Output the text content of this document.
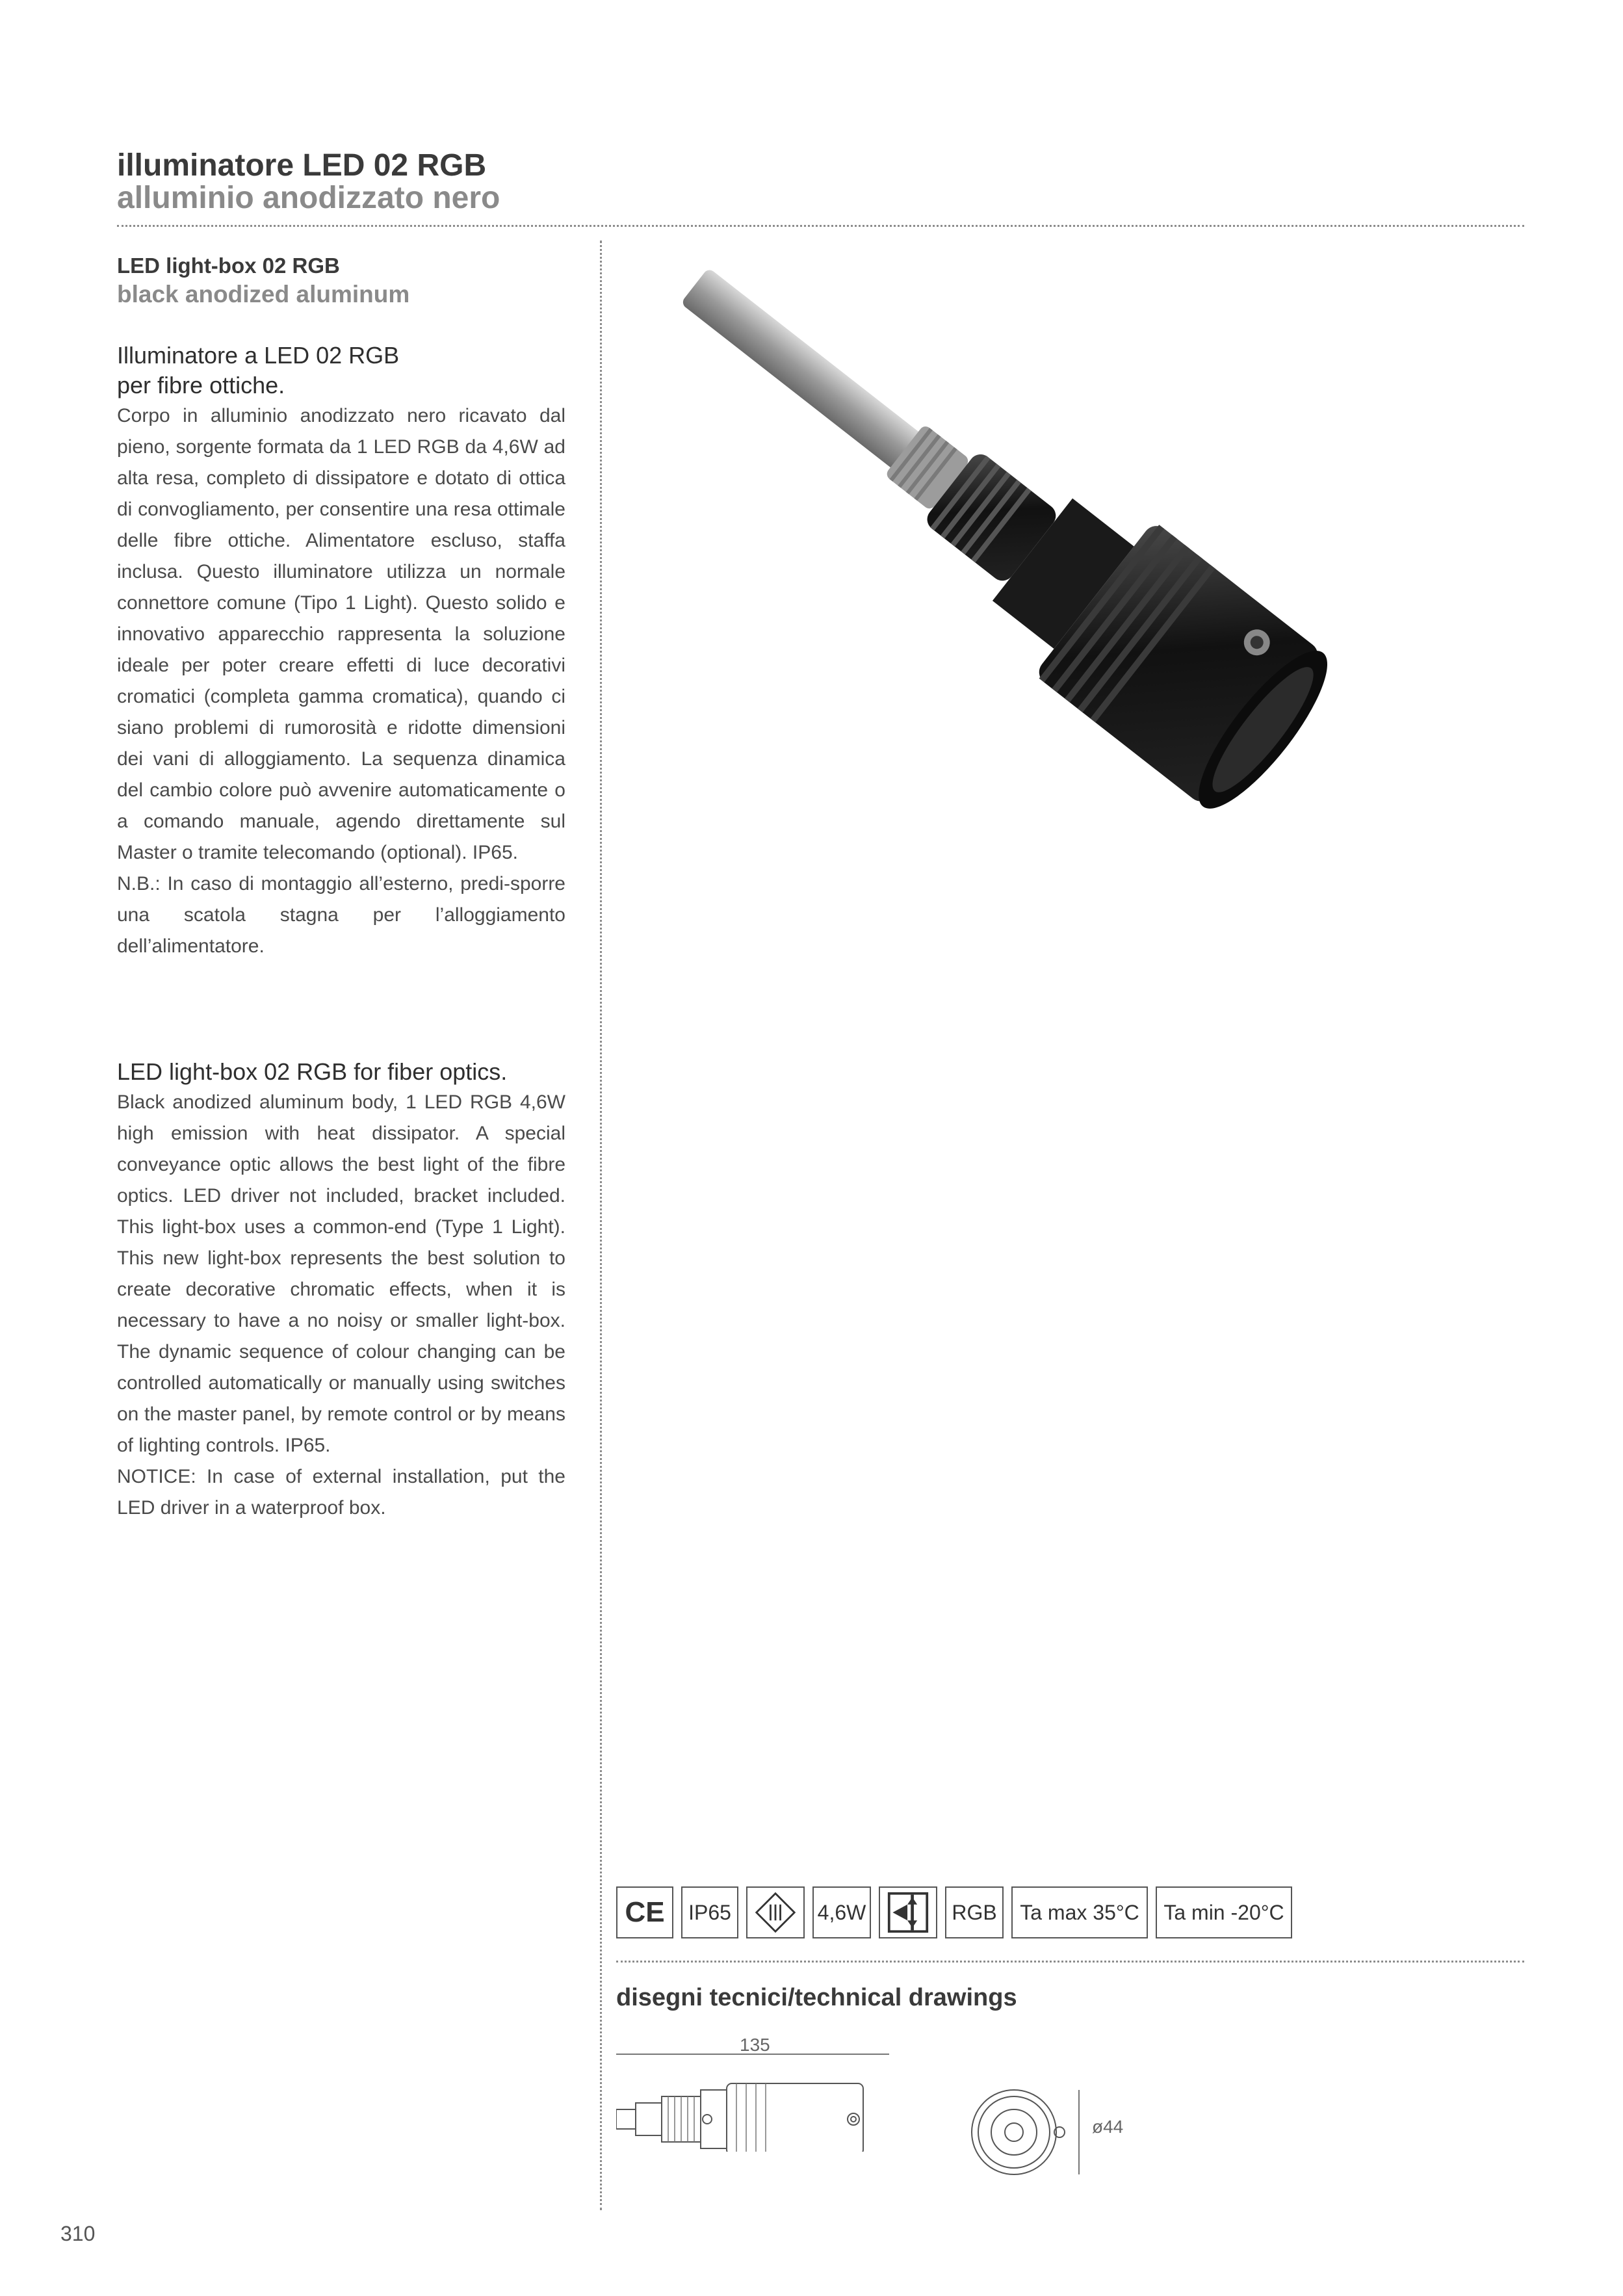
illuminatore LED 02 RGB
alluminio anodizzato nero
LED light-box 02 RGB
black anodized aluminum
Illuminatore a LED 02 RGB
per fibre ottiche.

Corpo in alluminio anodizzato nero ricavato dal pieno, sorgente formata da 1 LED RGB da 4,6W ad alta resa, completo di dissipatore e dotato di ottica di convogliamento, per consentire una resa ottimale delle fibre ottiche. Alimentatore escluso, staffa inclusa. Questo illuminatore utilizza un normale connettore comune (Tipo 1 Light). Questo solido e innovativo apparecchio rappresenta la soluzione ideale per poter creare effetti di luce decorativi cromatici (completa gamma cromatica), quando ci siano problemi di rumorosità e ridotte dimensioni dei vani di alloggiamento. La sequenza dinamica del cambio colore può avvenire automaticamente o a comando manuale, agendo direttamente sul Master o tramite telecomando (optional). IP65.

N.B.: In caso di montaggio all’esterno, predi-sporre una scatola stagna per l’alloggiamento dell’alimentatore.

LED light-box 02 RGB for fiber optics.

Black anodized aluminum body, 1 LED RGB 4,6W high emission with heat dissipator. A special conveyance optic allows the best light of the fibre optics. LED driver not included, bracket included. This light-box uses a common-end (Type 1 Light). This new light-box represents the best solution to create decorative chromatic effects, when it is necessary to have a no noisy or smaller light-box. The dynamic sequence of colour changing can be controlled automatically or manually using switches on the master panel, by remote control or by means of lighting controls. IP65.

NOTICE: In case of external installation, put the LED driver in a waterproof box.

CE	IP65	4,6W	RGB	Ta max 35°C	Ta min -20°C
disegni tecnici/technical drawings
135
ø44
310
